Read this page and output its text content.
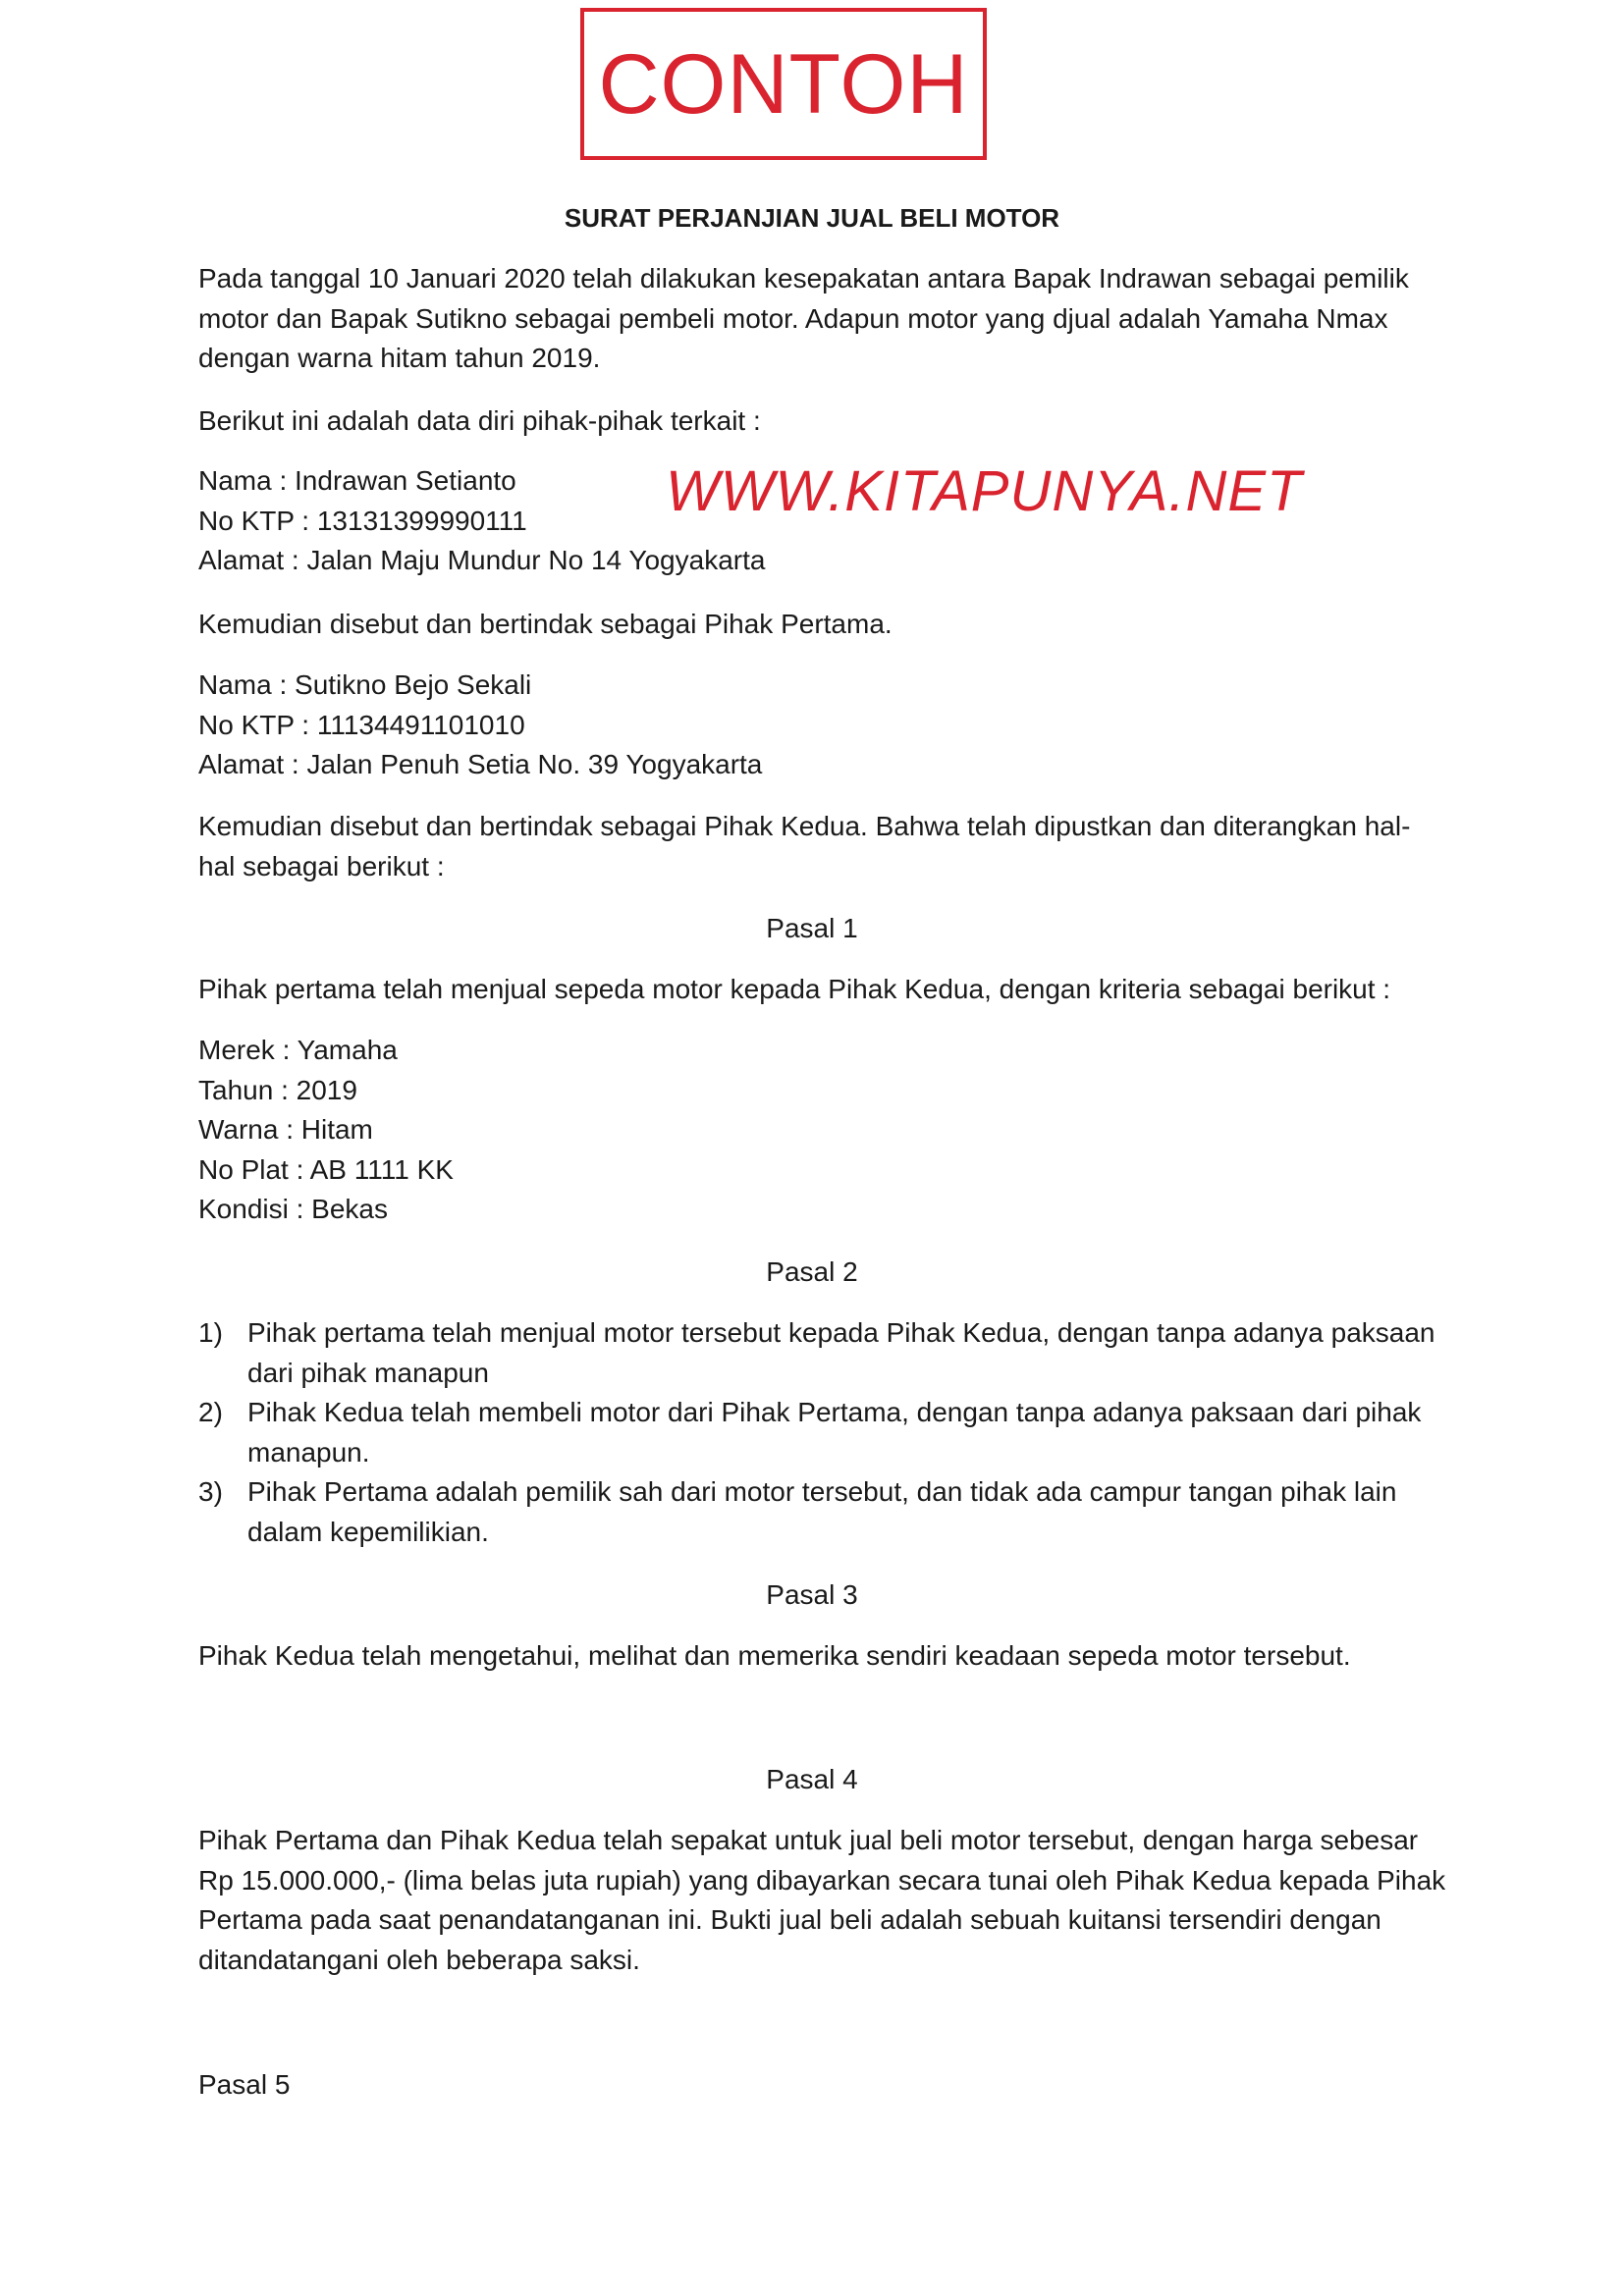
CONTOH
SURAT PERJANJIAN JUAL BELI MOTOR
Pada tanggal 10 Januari 2020 telah dilakukan kesepakatan antara Bapak Indrawan sebagai pemilik
motor dan Bapak Sutikno sebagai pembeli motor. Adapun motor yang djual adalah Yamaha Nmax
dengan warna hitam tahun 2019.
Berikut ini adalah data diri pihak-pihak terkait :
Nama : Indrawan Setianto
No KTP : 13131399990111
Alamat : Jalan Maju Mundur No 14 Yogyakarta
WWW.KITAPUNYA.NET
Kemudian disebut dan bertindak sebagai Pihak Pertama.
Nama : Sutikno Bejo Sekali
No KTP : 11134491101010
Alamat : Jalan Penuh Setia No. 39 Yogyakarta
Kemudian disebut dan bertindak sebagai Pihak Kedua. Bahwa telah dipustkan dan diterangkan hal-
hal sebagai berikut :
Pasal 1
Pihak pertama telah menjual sepeda motor kepada Pihak Kedua, dengan kriteria sebagai berikut :
Merek : Yamaha
Tahun : 2019
Warna : Hitam
No Plat : AB 1111 KK
Kondisi : Bekas
Pasal 2
1) Pihak pertama telah menjual motor tersebut kepada Pihak Kedua, dengan tanpa adanya paksaan
dari pihak manapun
2) Pihak Kedua telah membeli motor dari Pihak Pertama, dengan tanpa adanya paksaan dari pihak
manapun.
3) Pihak Pertama adalah pemilik sah dari motor tersebut, dan tidak ada campur tangan pihak lain
dalam kepemilikian.
Pasal 3
Pihak Kedua telah mengetahui, melihat dan memerika sendiri keadaan sepeda motor tersebut.
Pasal 4
Pihak Pertama dan Pihak Kedua telah sepakat untuk jual beli motor tersebut, dengan harga sebesar
Rp 15.000.000,- (lima belas juta rupiah) yang dibayarkan secara tunai oleh Pihak Kedua kepada Pihak
Pertama pada saat penandatanganan ini. Bukti jual beli adalah sebuah kuitansi tersendiri dengan
ditandatangani oleh beberapa saksi.
Pasal 5
